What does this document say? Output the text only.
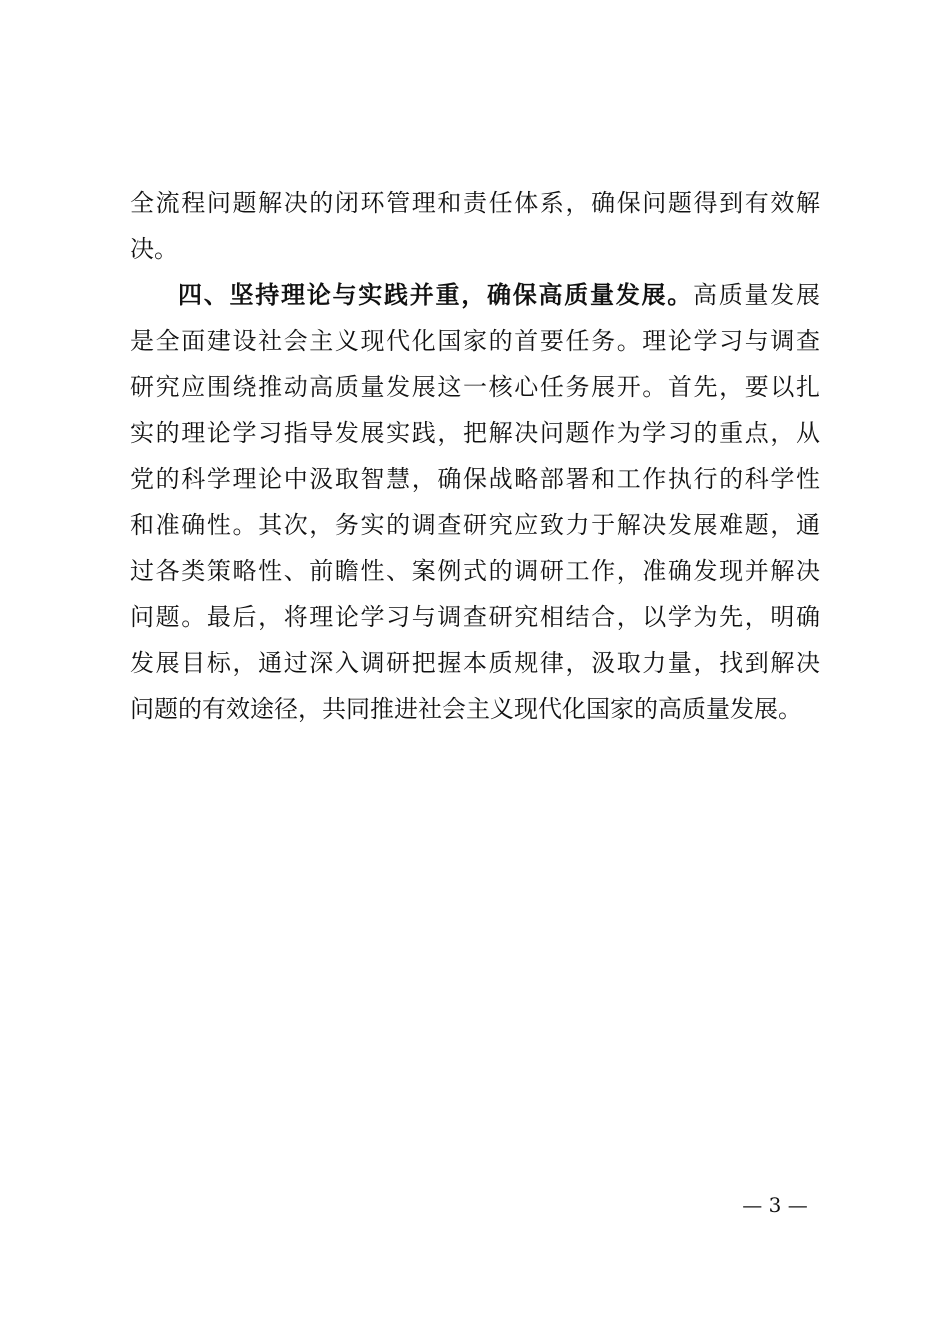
全流程问题解决的闭环管理和责任体系，确保问题得到有效解
决。
四、坚持理论与实践并重，确保高质量发展。高质量发展
是全面建设社会主义现代化国家的首要任务。理论学习与调查
研究应围绕推动高质量发展这一核心任务展开。首先，要以扎
实的理论学习指导发展实践，把解决问题作为学习的重点，从
党的科学理论中汲取智慧，确保战略部署和工作执行的科学性
和准确性。其次，务实的调查研究应致力于解决发展难题，通
过各类策略性、前瞻性、案例式的调研工作，准确发现并解决
问题。最后，将理论学习与调查研究相结合，以学为先，明确
发展目标，通过深入调研把握本质规律，汲取力量，找到解决
问题的有效途径，共同推进社会主义现代化国家的高质量发展。
— 3 —
